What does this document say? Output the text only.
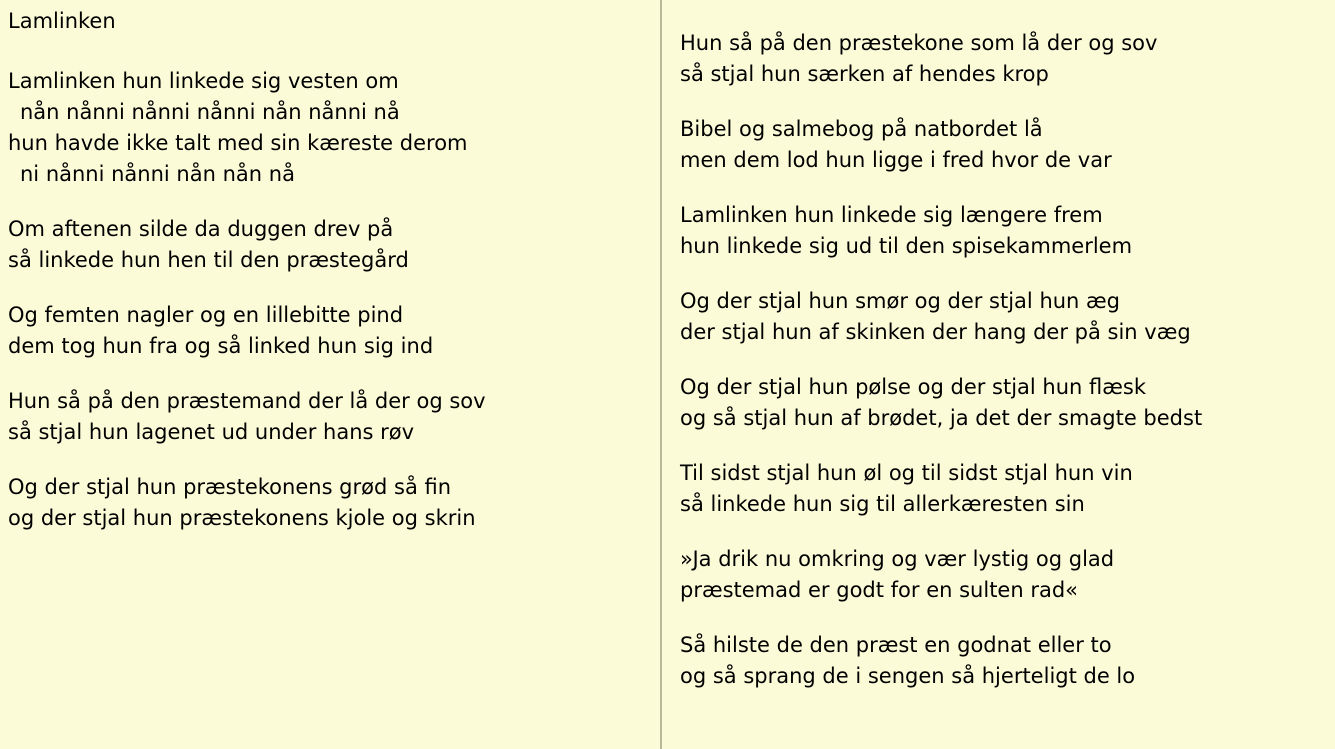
Lamlinken
Lamlinken hun linkede sig vesten om
nån nånni nånni nånni nån nånni nå
hun havde ikke talt med sin kæreste derom
ni nånni nånni nån nån nå
Om aftenen silde da duggen drev på
så linkede hun hen til den præstegård
Og femten nagler og en lillebitte pind
dem tog hun fra og så linked hun sig ind
Hun så på den præstemand der lå der og sov
så stjal hun lagenet ud under hans røv
Og der stjal hun præstekonens grød så fin
og der stjal hun præstekonens kjole og skrin
Hun så på den præstekone som lå der og sov
så stjal hun særken af hendes krop
Bibel og salmebog på natbordet lå
men dem lod hun ligge i fred hvor de var
Lamlinken hun linkede sig længere frem
hun linkede sig ud til den spisekammerlem
Og der stjal hun smør og der stjal hun æg
der stjal hun af skinken der hang der på sin væg
Og der stjal hun pølse og der stjal hun flæsk
og så stjal hun af brødet, ja det der smagte bedst
Til sidst stjal hun øl og til sidst stjal hun vin
så linkede hun sig til allerkæresten sin
»Ja drik nu omkring og vær lystig og glad
præstemad er godt for en sulten rad«
Så hilste de den præst en godnat eller to
og så sprang de i sengen så hjerteligt de lo
